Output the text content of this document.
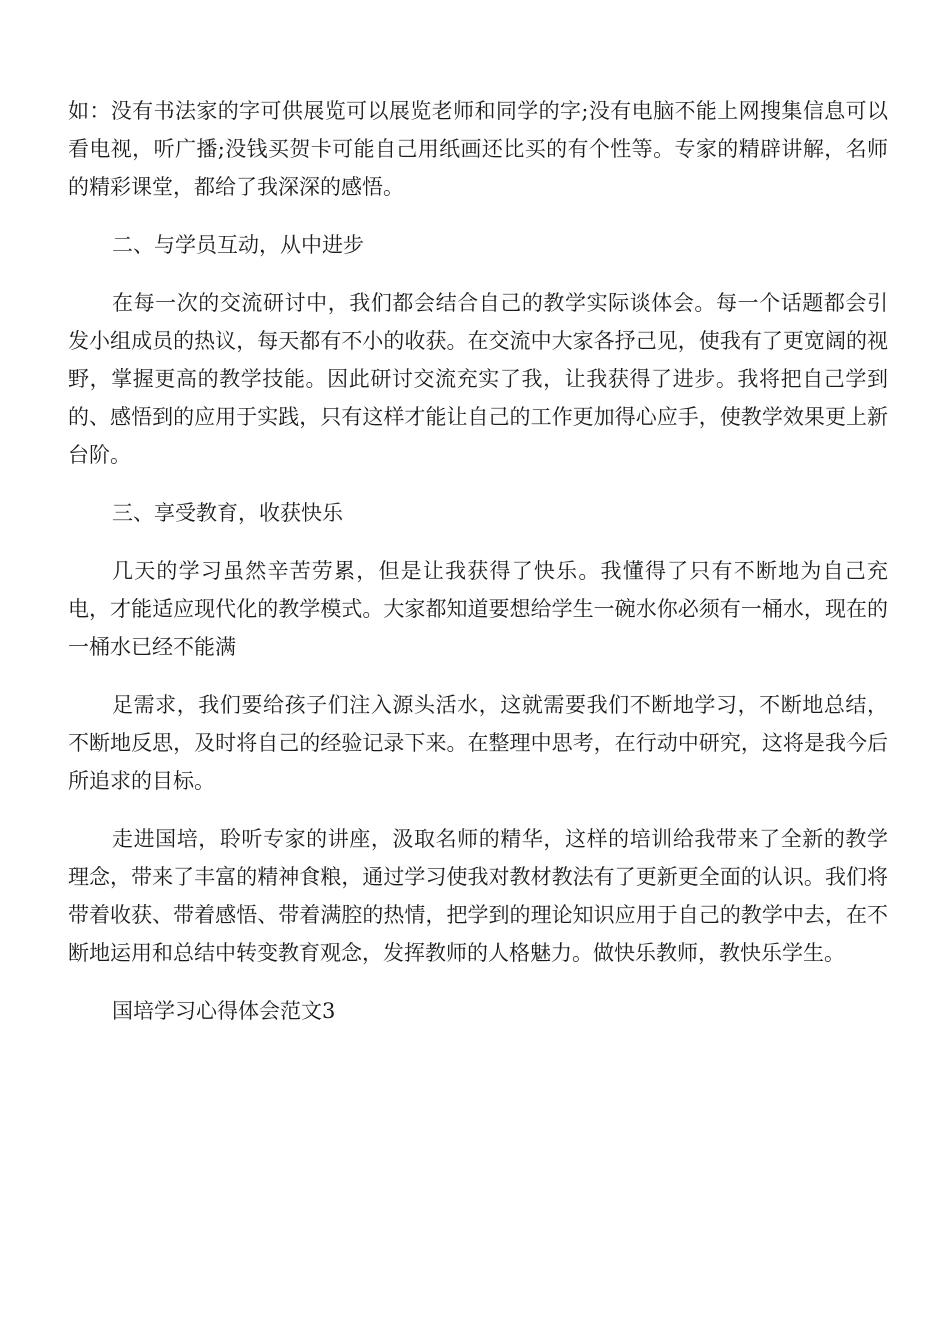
如：没有书法家的字可供展览可以展览老师和同学的字;没有电脑不能上网搜集信息可以看电视，听广播;没钱买贺卡可能自己用纸画还比买的有个性等。专家的精辟讲解，名师的精彩课堂，都给了我深深的感悟。

二、与学员互动，从中进步

在每一次的交流研讨中，我们都会结合自己的教学实际谈体会。每一个话题都会引发小组成员的热议，每天都有不小的收获。在交流中大家各抒己见，使我有了更宽阔的视野，掌握更高的教学技能。因此研讨交流充实了我，让我获得了进步。我将把自己学到的、感悟到的应用于实践，只有这样才能让自己的工作更加得心应手，使教学效果更上新台阶。

三、享受教育，收获快乐

几天的学习虽然辛苦劳累，但是让我获得了快乐。我懂得了只有不断地为自己充电，才能适应现代化的教学模式。大家都知道要想给学生一碗水你必须有一桶水，现在的一桶水已经不能满

足需求，我们要给孩子们注入源头活水，这就需要我们不断地学习，不断地总结，不断地反思，及时将自己的经验记录下来。在整理中思考，在行动中研究，这将是我今后所追求的目标。

走进国培，聆听专家的讲座，汲取名师的精华，这样的培训给我带来了全新的教学理念，带来了丰富的精神食粮，通过学习使我对教材教法有了更新更全面的认识。我们将带着收获、带着感悟、带着满腔的热情，把学到的理论知识应用于自己的教学中去，在不断地运用和总结中转变教育观念，发挥教师的人格魅力。做快乐教师，教快乐学生。

国培学习心得体会范文3
